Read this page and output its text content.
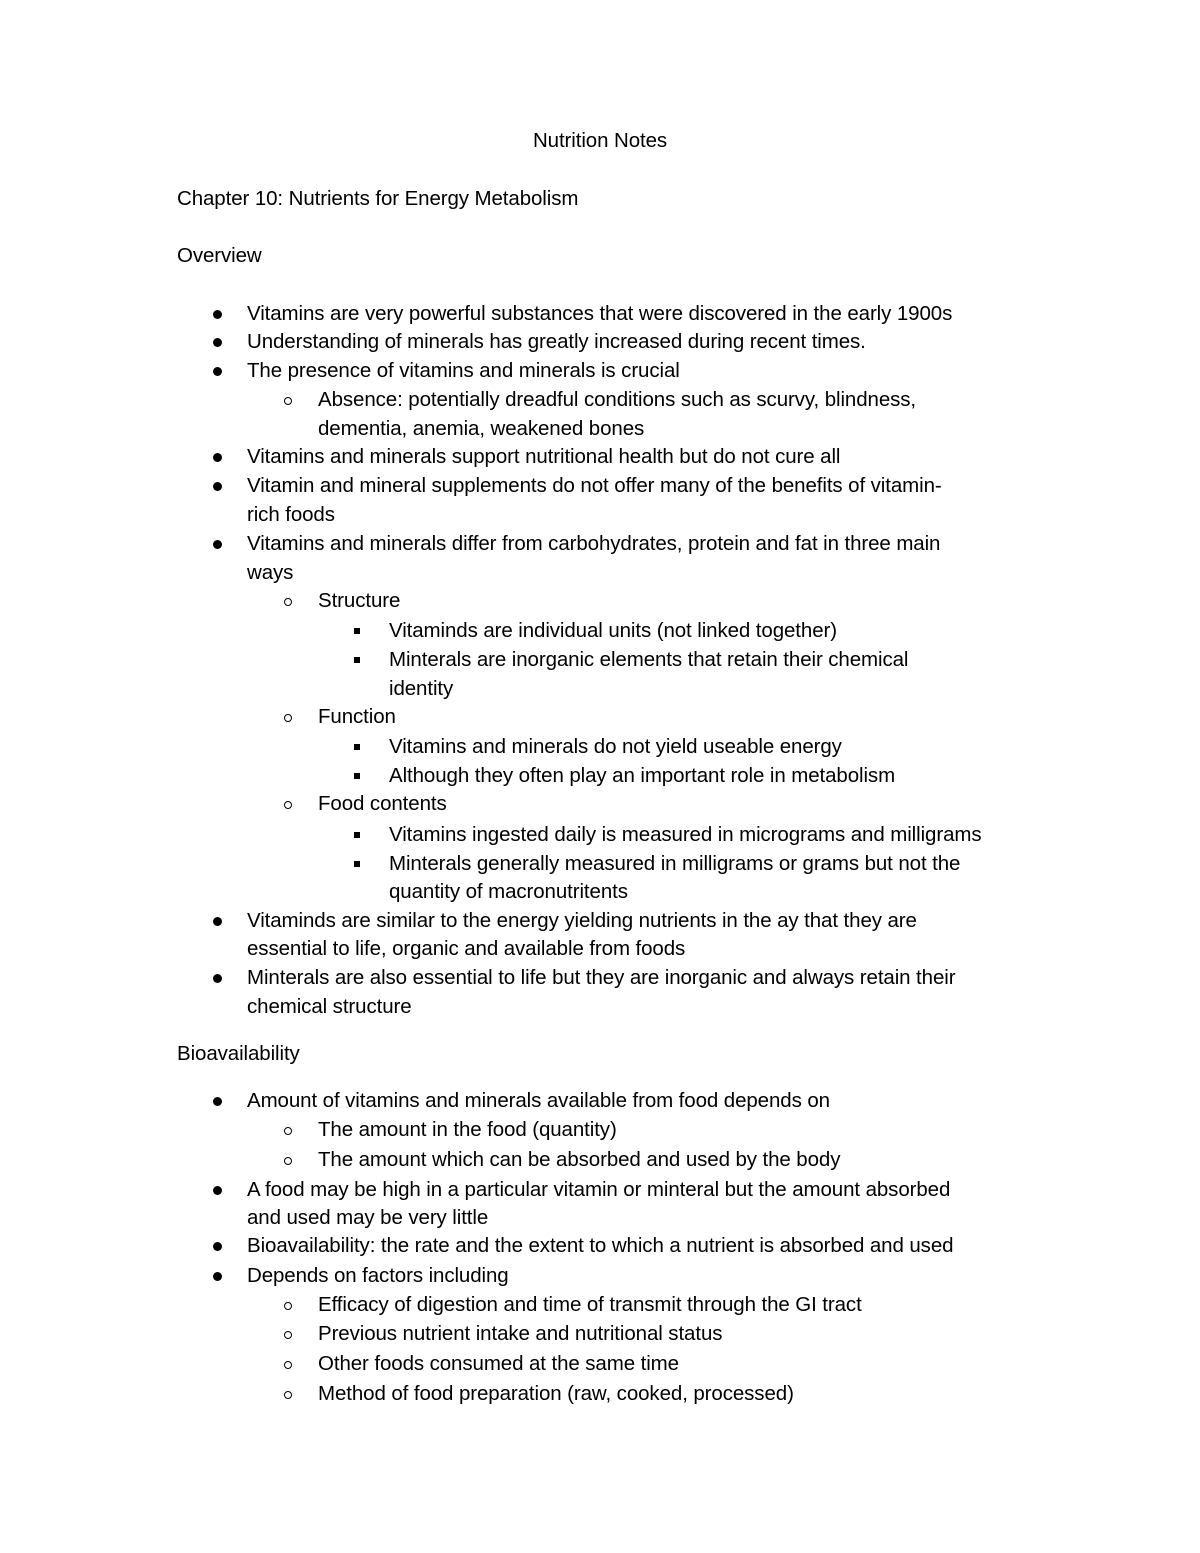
Nutrition Notes
Chapter 10: Nutrients for Energy Metabolism
Overview
Vitamins are very powerful substances that were discovered in the early 1900s
Understanding of minerals has greatly increased during recent times.
The presence of vitamins and minerals is crucial
Absence: potentially dreadful conditions such as scurvy, blindness,
dementia, anemia, weakened bones
Vitamins and minerals support nutritional health but do not cure all
Vitamin and mineral supplements do not offer many of the benefits of vitamin-
rich foods
Vitamins and minerals differ from carbohydrates, protein and fat in three main
ways
Structure
Vitaminds are individual units (not linked together)
Minterals are inorganic elements that retain their chemical
identity
Function
Vitamins and minerals do not yield useable energy
Although they often play an important role in metabolism
Food contents
Vitamins ingested daily is measured in micrograms and milligrams
Minterals generally measured in milligrams or grams but not the
quantity of macronutritents
Vitaminds are similar to the energy yielding nutrients in the ay that they are
essential to life, organic and available from foods
Minterals are also essential to life but they are inorganic and always retain their
chemical structure
Bioavailability
Amount of vitamins and minerals available from food depends on
The amount in the food (quantity)
The amount which can be absorbed and used by the body
A food may be high in a particular vitamin or minteral but the amount absorbed
and used may be very little
Bioavailability: the rate and the extent to which a nutrient is absorbed and used
Depends on factors including
Efficacy of digestion and time of transmit through the GI tract
Previous nutrient intake and nutritional status
Other foods consumed at the same time
Method of food preparation (raw, cooked, processed)
